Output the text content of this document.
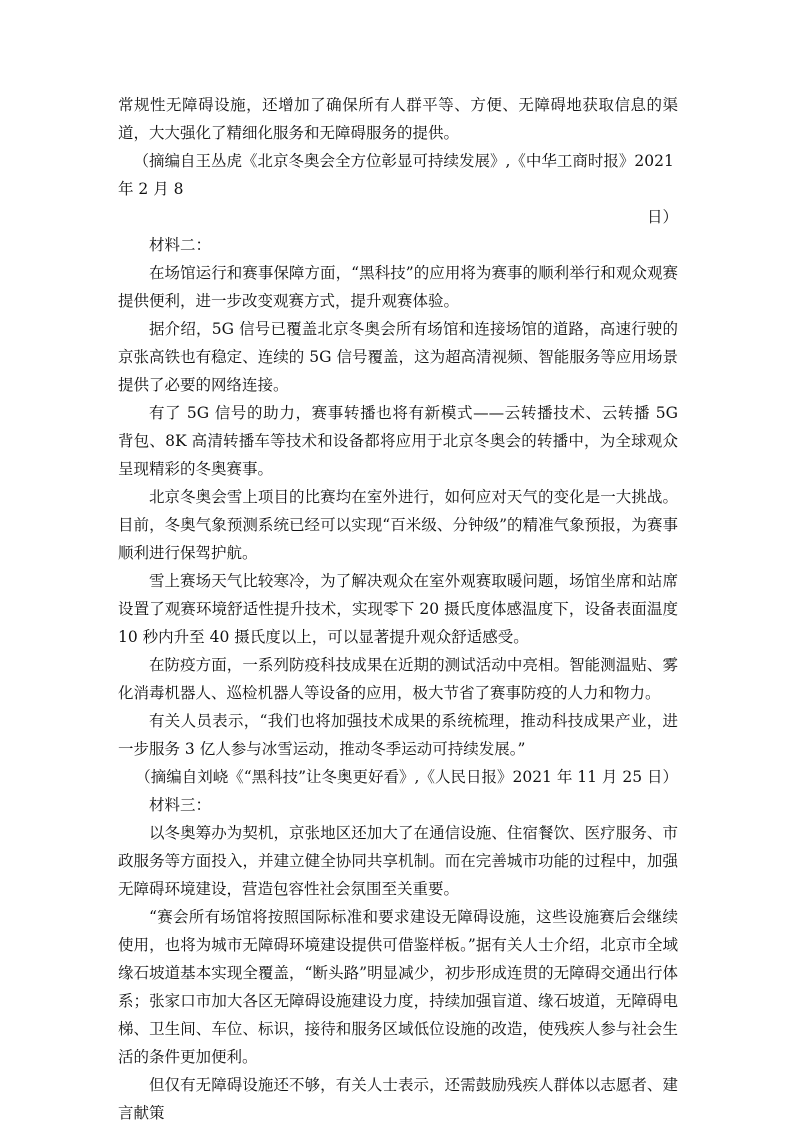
常规性无障碍设施，还增加了确保所有人群平等、方便、无障碍地获取信息的渠道，大大强化了精细化服务和无障碍服务的提供。

（摘编自王丛虎《北京冬奥会全方位彰显可持续发展》,《中华工商时报》2021 年 2 月 8

日）

材料二：

在场馆运行和赛事保障方面，“黑科技”的应用将为赛事的顺利举行和观众观赛提供便利，进一步改变观赛方式，提升观赛体验。

据介绍，5G 信号已覆盖北京冬奥会所有场馆和连接场馆的道路，高速行驶的京张高铁也有稳定、连续的 5G 信号覆盖，这为超高清视频、智能服务等应用场景提供了必要的网络连接。

有了 5G 信号的助力，赛事转播也将有新模式——云转播技术、云转播 5G 背包、8K 高清转播车等技术和设备都将应用于北京冬奥会的转播中，为全球观众呈现精彩的冬奥赛事。

北京冬奥会雪上项目的比赛均在室外进行，如何应对天气的变化是一大挑战。目前，冬奥气象预测系统已经可以实现“百米级、分钟级”的精准气象预报，为赛事顺利进行保驾护航。

雪上赛场天气比较寒冷，为了解决观众在室外观赛取暖问题，场馆坐席和站席设置了观赛环境舒适性提升技术，实现零下 20 摄氏度体感温度下，设备表面温度 10 秒内升至 40 摄氏度以上，可以显著提升观众舒适感受。

在防疫方面，一系列防疫科技成果在近期的测试活动中亮相。智能测温贴、雾化消毒机器人、巡检机器人等设备的应用，极大节省了赛事防疫的人力和物力。

有关人员表示，“我们也将加强技术成果的系统梳理，推动科技成果产业，进一步服务 3 亿人参与冰雪运动，推动冬季运动可持续发展。”

（摘编自刘峣《“黑科技”让冬奥更好看》,《人民日报》2021 年 11 月 25 日）

材料三：

以冬奥筹办为契机，京张地区还加大了在通信设施、住宿餐饮、医疗服务、市政服务等方面投入，并建立健全协同共享机制。而在完善城市功能的过程中，加强无障碍环境建设，营造包容性社会氛围至关重要。

“赛会所有场馆将按照国际标准和要求建设无障碍设施，这些设施赛后会继续使用，也将为城市无障碍环境建设提供可借鉴样板。”据有关人士介绍，北京市全域缘石坡道基本实现全覆盖，“断头路”明显减少，初步形成连贯的无障碍交通出行体系；张家口市加大各区无障碍设施建设力度，持续加强盲道、缘石坡道，无障碍电梯、卫生间、车位、标识，接待和服务区域低位设施的改造，使残疾人参与社会生活的条件更加便利。

但仅有无障碍设施还不够，有关人士表示，还需鼓励残疾人群体以志愿者、建言献策
